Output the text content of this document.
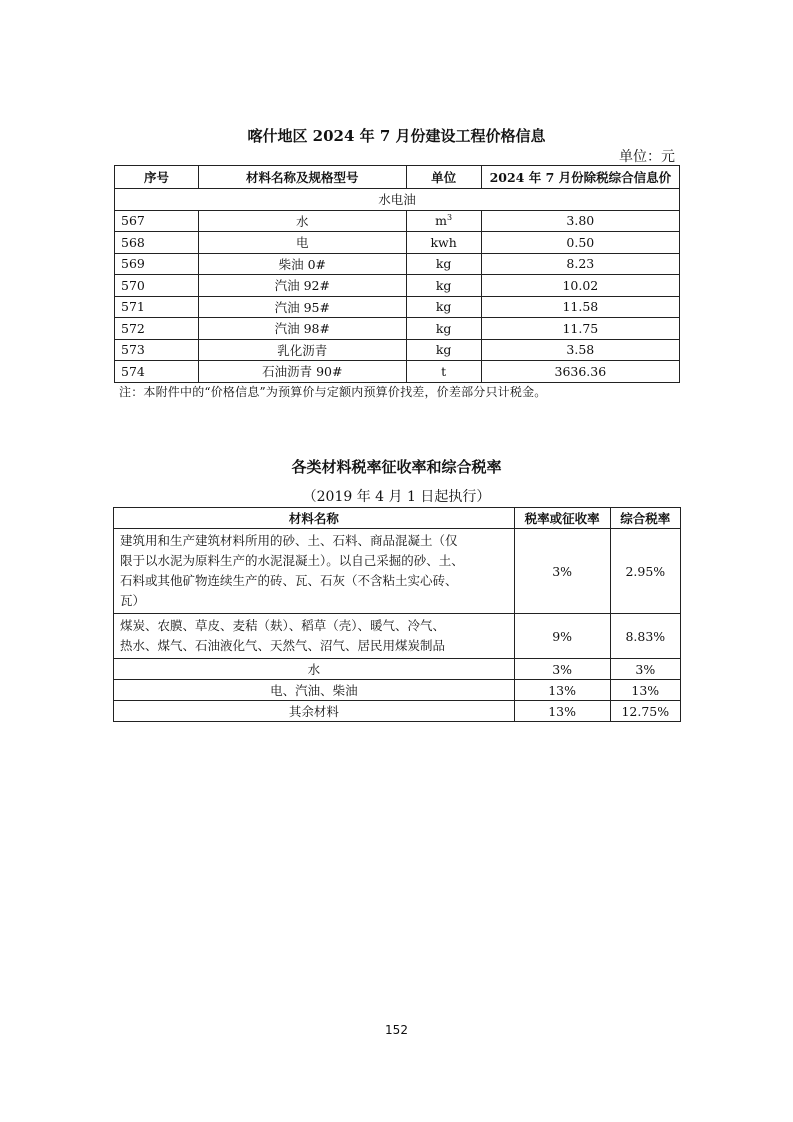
喀什地区 2024 年 7 月份建设工程价格信息
单位：元
序号	材料名称及规格型号	单位	2024 年 7 月份除税综合信息价
水电油			
567	水	$m^3$	3.80
568	电	kwh	0.50
569	柴油 0#	kg	8.23
570	汽油 92#	kg	10.02
571	汽油 95#	kg	11.58
572	汽油 98#	kg	11.75
573	乳化沥青	kg	3.58
574	石油沥青 90#	t	3636.36
注：本附件中的“价格信息”为预算价与定额内预算价找差，价差部分只计税金。
各类材料税率征收率和综合税率
（2019 年 4 月 1 日起执行）
材料名称	税率或征收率	综合税率

建筑用和生产建筑材料所用的砂、土、石料、商品混凝土（仅
限于以水泥为原料生产的水泥混凝土）。以自己采掘的砂、土、
石料或其他矿物连续生产的砖、瓦、石灰（不含粘土实心砖、
瓦）	3%	2.95%

煤炭、农膜、草皮、麦秸（麸）、稻草（壳）、暖气、冷气、
热水、煤气、石油液化气、天然气、沼气、居民用煤炭制品	9%	8.83%

水	3%	3%

电、汽油、柴油	13%	13%

其余材料	13%	12.75%
152
